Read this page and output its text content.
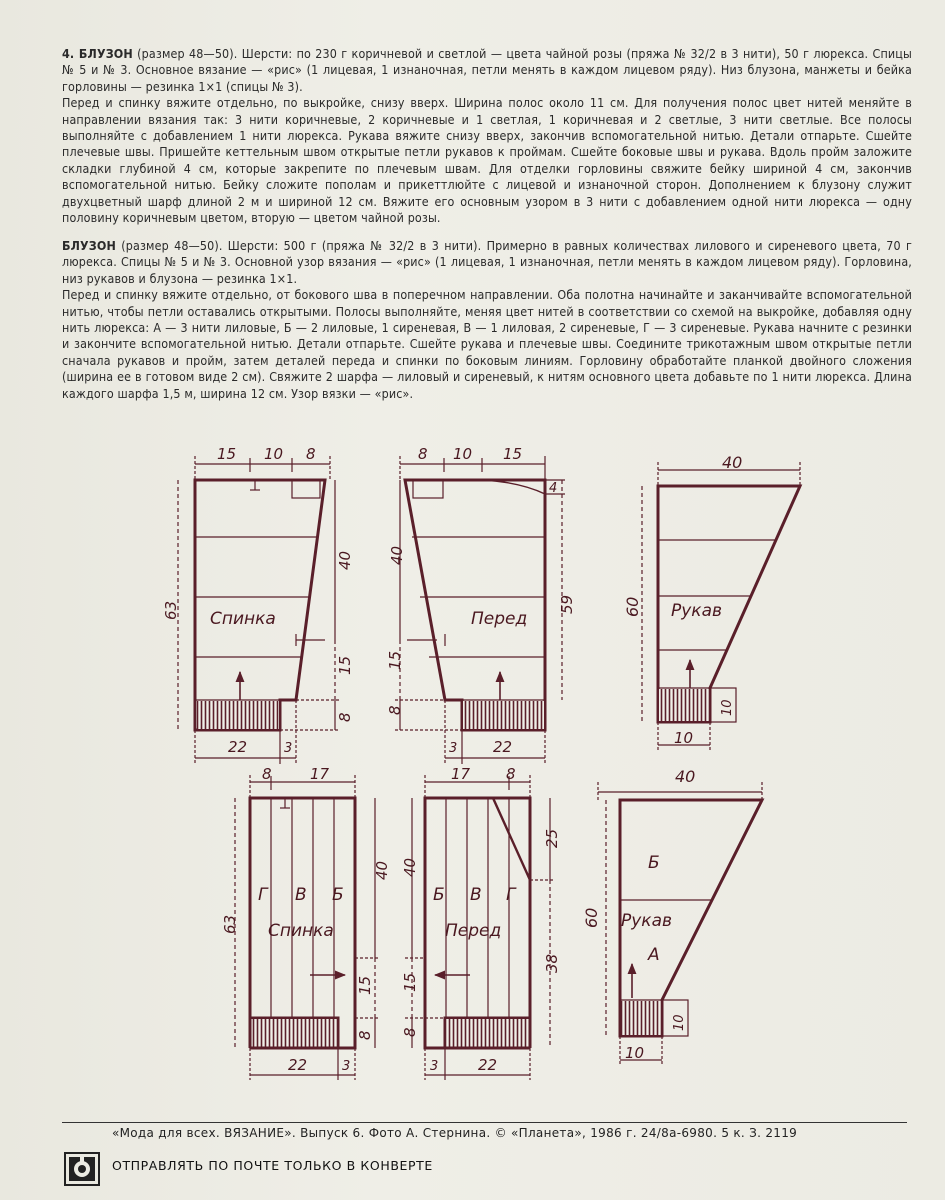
4. БЛУЗОН (размер 48—50). Шерсти: по 230 г коричневой и светлой — цвета чайной розы (пряжа № 32/2 в 3 нити), 50 г люрекса. Спицы № 5 и № 3. Основное вязание — «рис» (1 лицевая, 1 изнаночная, петли менять в каждом лицевом ряду). Низ блузона, манжеты и бейка горловины — резинка 1×1 (спицы № 3).

Перед и спинку вяжите отдельно, по выкройке, снизу вверх. Ширина полос около 11 см. Для получения полос цвет нитей меняйте в направлении вязания так: 3 нити коричневые, 2 коричневые и 1 светлая, 1 коричневая и 2 светлые, 3 нити светлые. Все полосы выполняйте с добавлением 1 нити люрекса. Рукава вяжите снизу вверх, закончив вспомогательной нитью. Детали отпарьте. Сшейте плечевые швы. Пришейте кеттельным швом открытые петли рукавов к проймам. Сшейте боковые швы и рукава. Вдоль пройм заложите складки глубиной 4 см, которые закрепите по плечевым швам. Для отделки горловины свяжите бейку шириной 4 см, закончив вспомогательной нитью. Бейку сложите пополам и прикеттлюйте с лицевой и изнаночной сторон. Дополнением к блузону служит двухцветный шарф длиной 2 м и шириной 12 см. Вяжите его основным узором в 3 нити с добавлением одной нити люрекса — одну половину коричневым цветом, вторую — цветом чайной розы.

БЛУЗОН (размер 48—50). Шерсти: 500 г (пряжа № 32/2 в 3 нити). Примерно в равных количествах лилового и сиреневого цвета, 70 г люрекса. Спицы № 5 и № 3. Основной узор вязания — «рис» (1 лицевая, 1 изнаночная, петли менять в каждом лицевом ряду). Горловина, низ рукавов и блузона — резинка 1×1.

Перед и спинку вяжите отдельно, от бокового шва в поперечном направлении. Оба полотна начинайте и заканчивайте вспомогательной нитью, чтобы петли оставались открытыми. Полосы выполняйте, меняя цвет нитей в соответствии со схемой на выкройке, добавляя одну нить люрекса: А — 3 нити лиловые, Б — 2 лиловые, 1 сиреневая, В — 1 лиловая, 2 сиреневые, Г — 3 сиреневые. Рукава начните с резинки и закончите вспомогательной нитью. Детали отпарьте. Сшейте рукава и плечевые швы. Соедините трикотажным швом открытые петли сначала рукавов и пройм, затем деталей переда и спинки по боковым линиям. Горловину обработайте планкой двойного сложения (ширина ее в готовом виде 2 см). Свяжите 2 шарфа — лиловый и сиреневый, к нитям основного цвета добавьте по 1 нити люрекса. Длина каждого шарфа 1,5 м, ширина 12 см. Узор вязки — «рис».

15 10 8
63
40
15
8
22	3
Спинка
8 10 15
4
40
59
15
8
3 22
Перед
40
60
10
10
Рукав
8	17
63
40
15
8
22	3
Г В Б
Спинка
17 8
25
40
38
15
8
3	22
Б В Г
Перед
40
60
10
10
Б
А
Рукав
«Мода для всех. ВЯЗАНИЕ». Выпуск 6. Фото А. Стернина. © «Планета», 1986 г. 24/8а-6980. 5 к. З. 2119
ОТПРАВЛЯТЬ ПО ПОЧТЕ ТОЛЬКО В КОНВЕРТЕ
